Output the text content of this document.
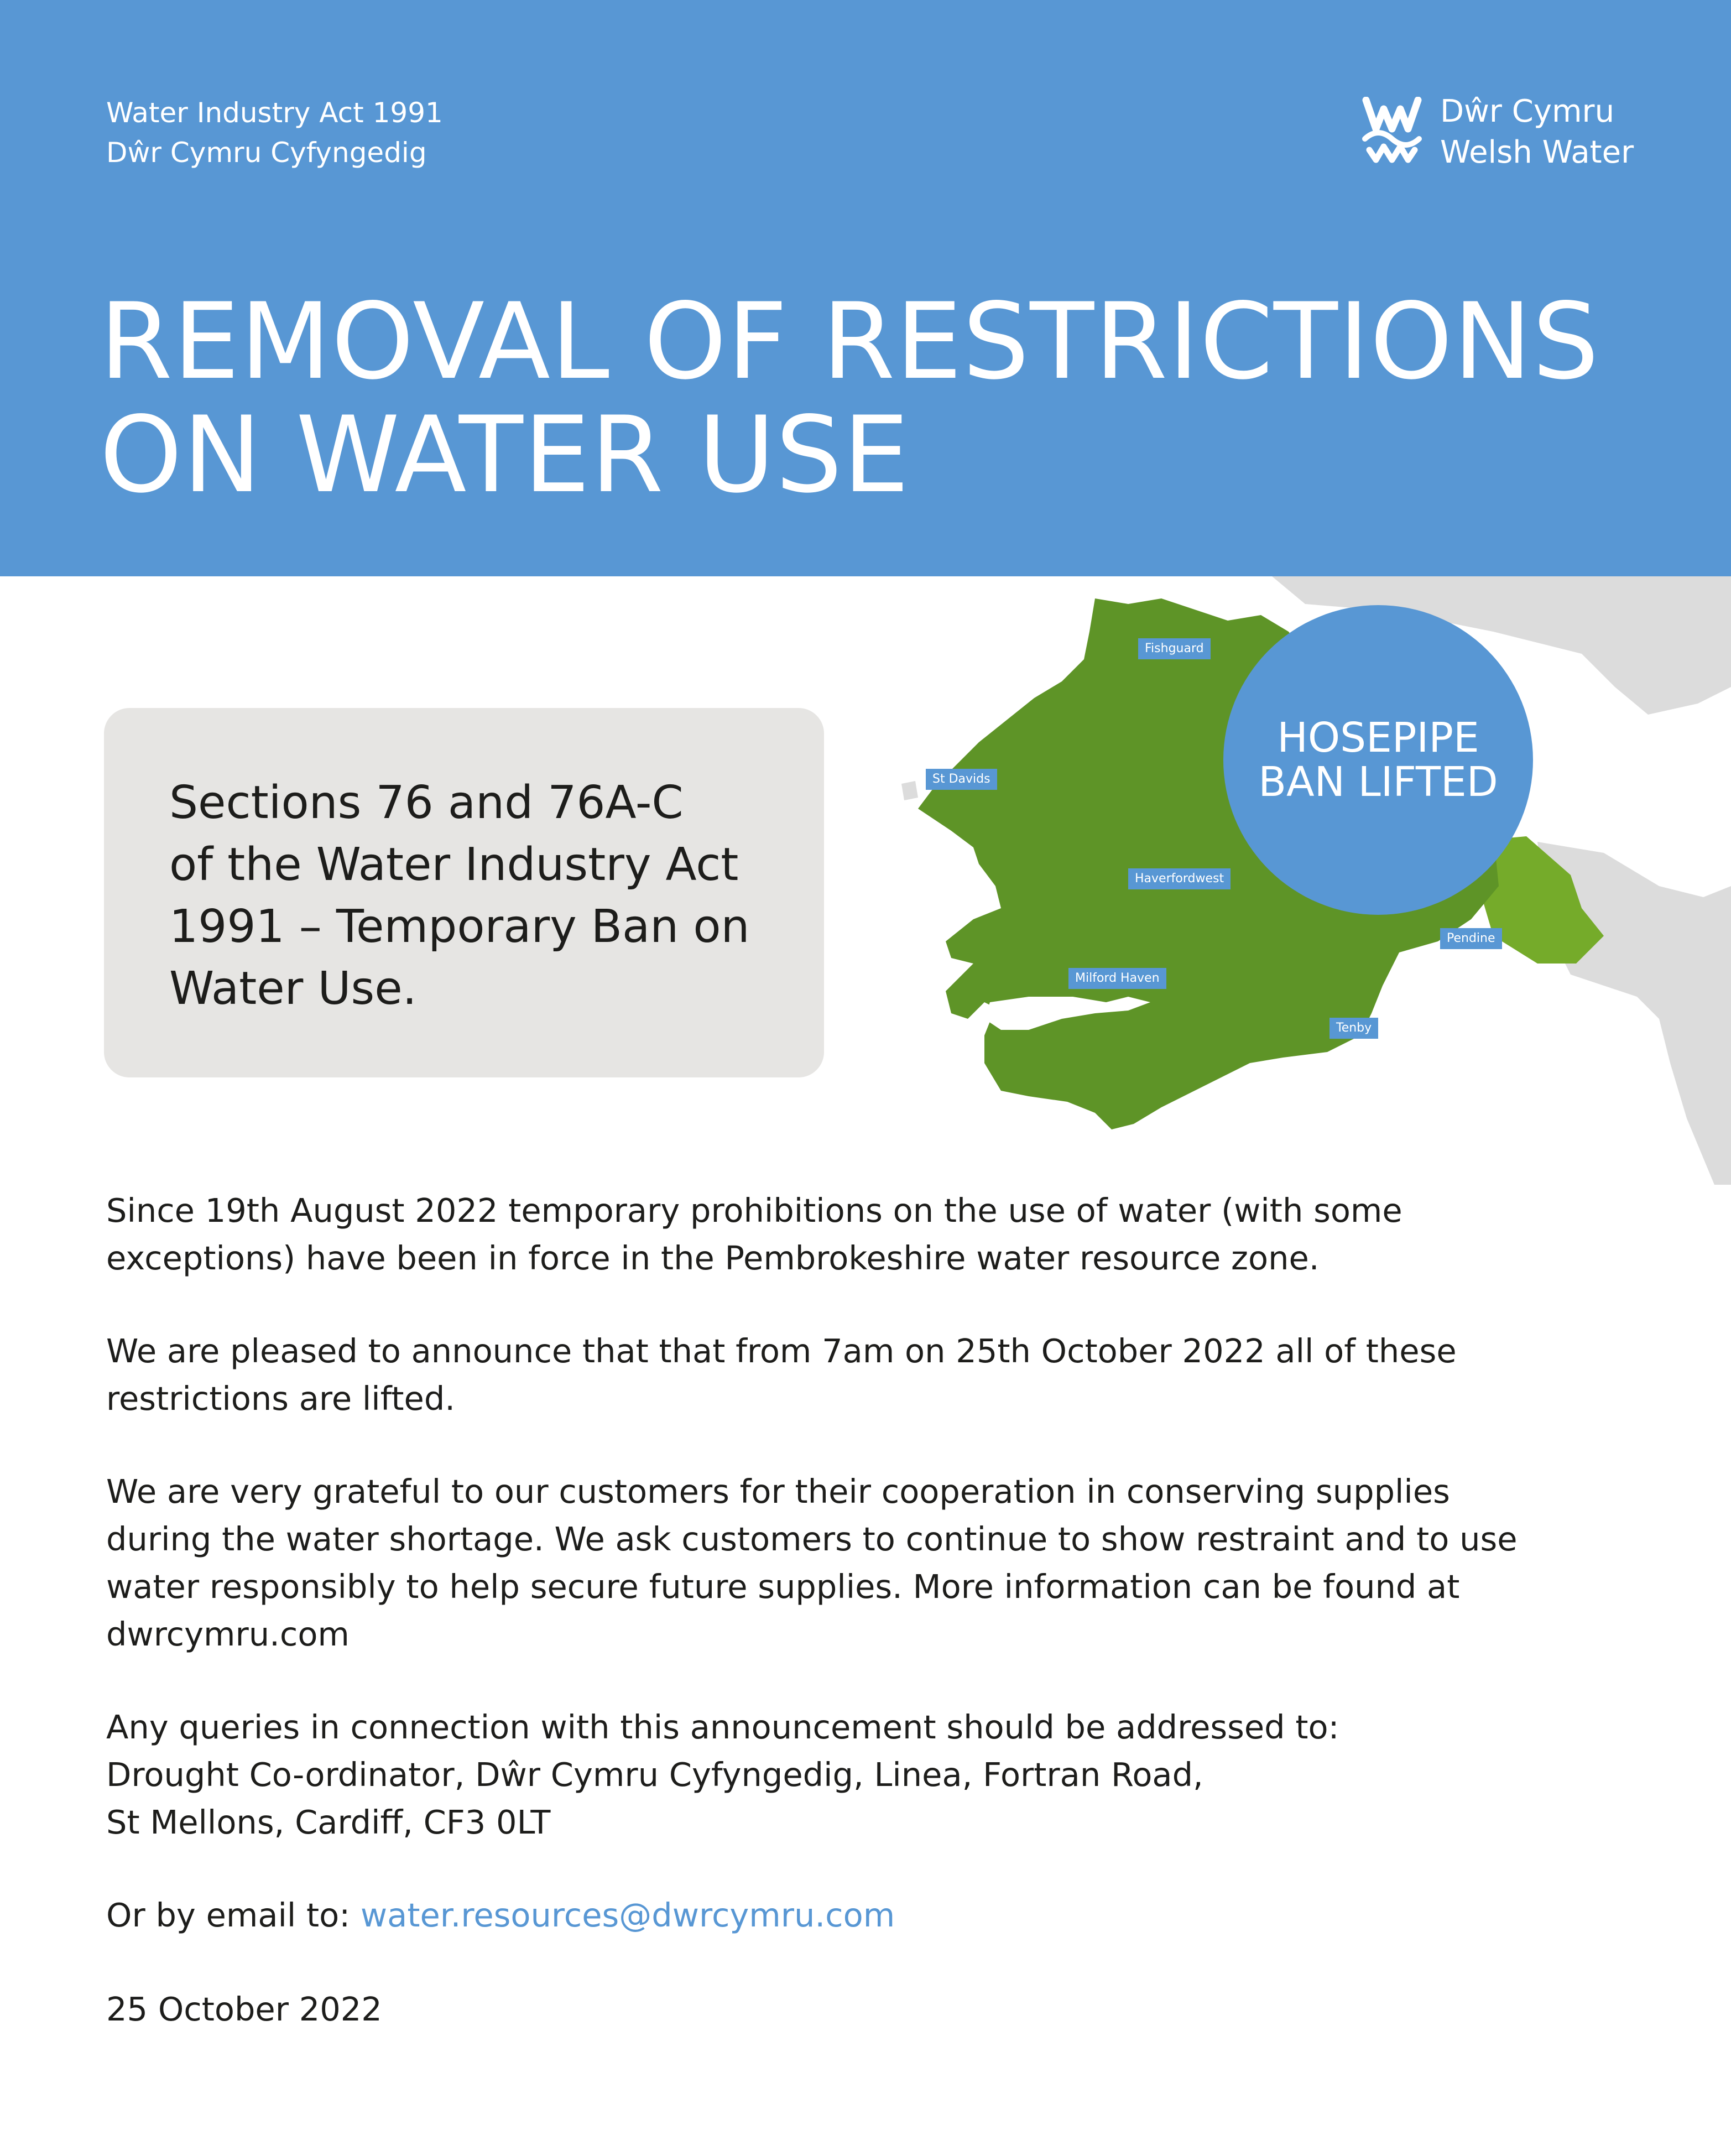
Water Industry Act 1991
Dŵr Cymru Cyfyngedig
Dŵr Cymru
Welsh Water
REMOVAL OF RESTRICTIONS
ON WATER USE
Fishguard
St Davids
Haverfordwest
Pendine
Milford Haven
Tenby
HOSEPIPE
BAN LIFTED
Sections 76 and 76A-C
of the Water Industry Act
1991 – Temporary Ban on
Water Use.

Since 19th August 2022 temporary prohibitions on the use of water (with some

exceptions) have been in force in the Pembrokeshire water resource zone.

We are pleased to announce that that from 7am on 25th October 2022 all of these

restrictions are lifted.

We are very grateful to our customers for their cooperation in conserving supplies

during the water shortage. We ask customers to continue to show restraint and to use

water responsibly to help secure future supplies. More information can be found at

dwrcymru.com

Any queries in connection with this announcement should be addressed to:

Drought Co-ordinator, Dŵr Cymru Cyfyngedig, Linea, Fortran Road,

St Mellons, Cardiff, CF3 0LT

Or by email to: water.resources@dwrcymru.com

25 October 2022
